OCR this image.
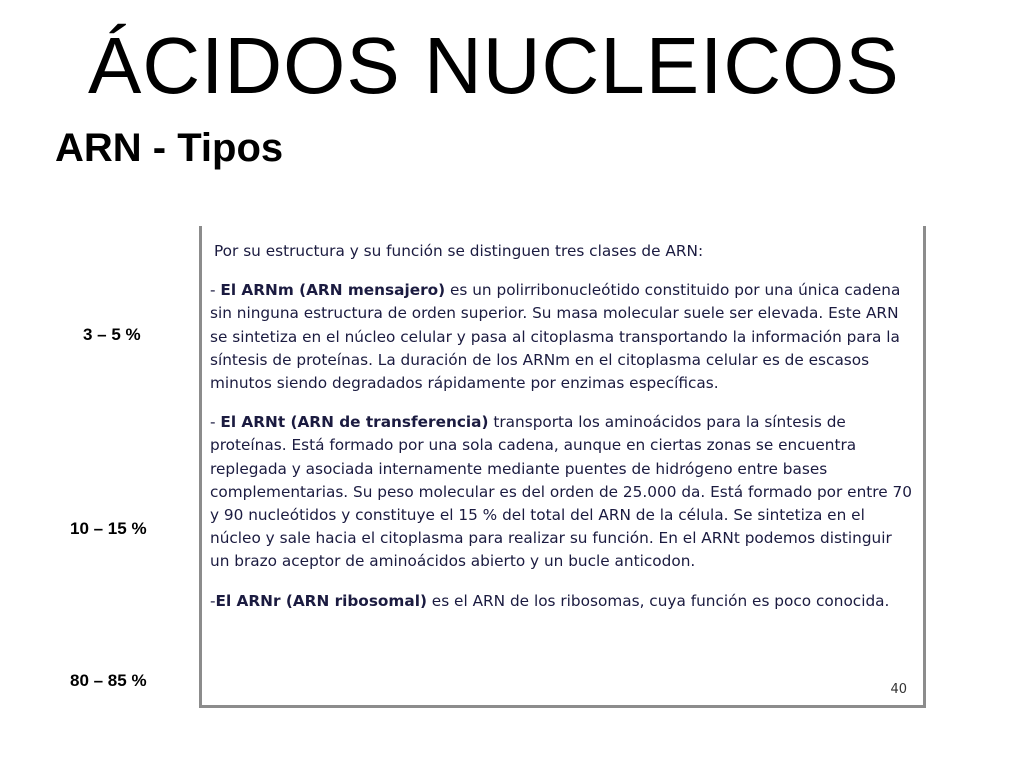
ÁCIDOS NUCLEICOS
ARN - Tipos
3 – 5 %
10 – 15 %
80 – 85 %
Por su estructura y su función se distinguen tres clases de ARN:
- El ARNm (ARN mensajero) es un polirribonucleótido constituido por una única cadena sin ninguna estructura de orden superior. Su masa molecular suele ser elevada. Este ARN se sintetiza en el núcleo celular y pasa al citoplasma transportando la información para la síntesis de proteínas. La duración de los ARNm en el citoplasma celular es de escasos minutos siendo degradados rápidamente por enzimas específicas.
- El ARNt (ARN de transferencia) transporta los aminoácidos para la síntesis de proteínas. Está formado por una sola cadena, aunque en ciertas zonas se encuentra replegada y asociada internamente mediante puentes de hidrógeno entre bases complementarias. Su peso molecular es del orden de 25.000 da. Está formado por entre 70 y 90 nucleótidos y constituye el 15 % del total del ARN de la célula. Se sintetiza en el núcleo y sale hacia el citoplasma para realizar su función. En el ARNt podemos distinguir un brazo aceptor de aminoácidos abierto y un bucle anticodon.
-El ARNr (ARN ribosomal) es el ARN de los ribosomas, cuya función es poco conocida.
40
